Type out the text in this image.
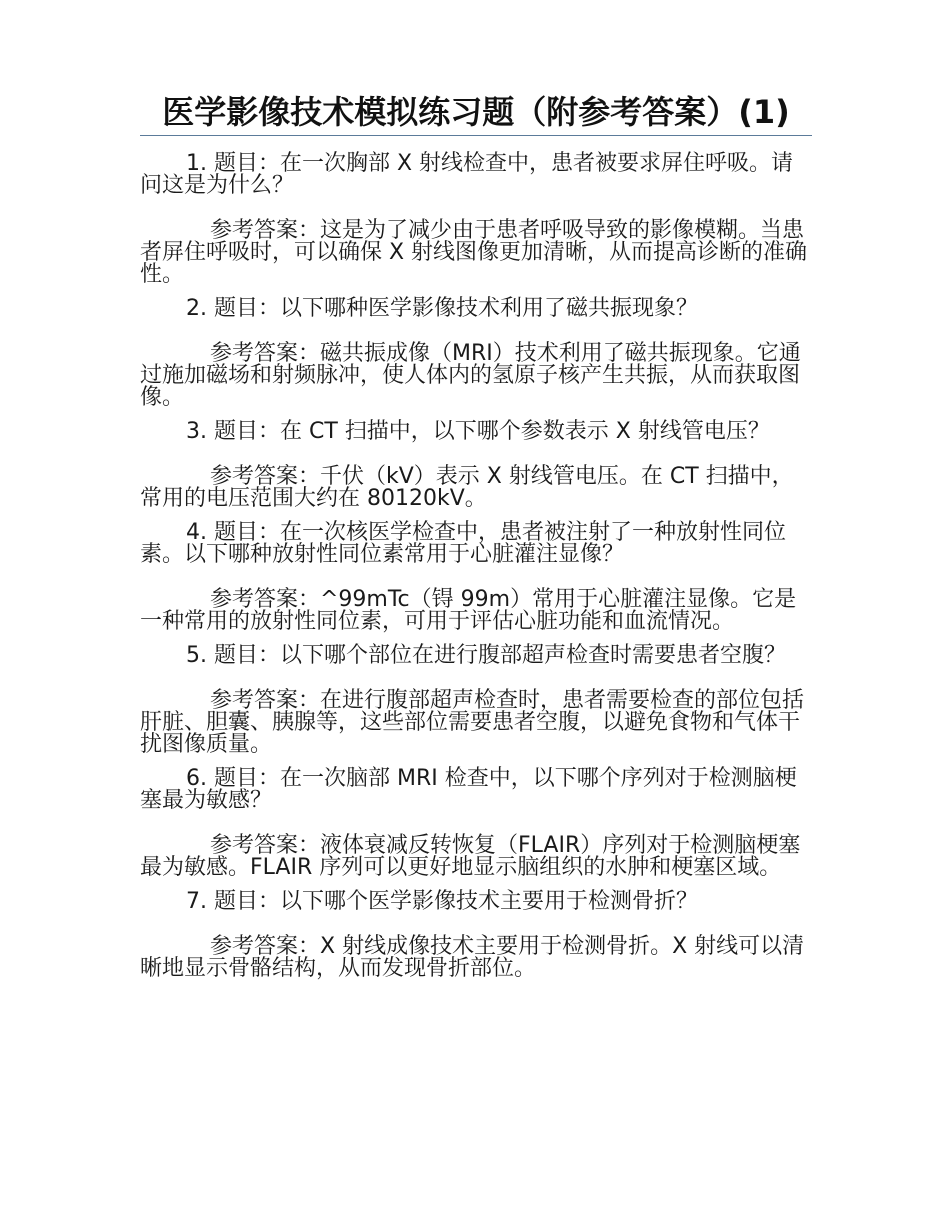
医学影像技术模拟练习题（附参考答案）(1)

1. 题目：在一次胸部 X 射线检查中，患者被要求屏住呼吸。请问这是为什么？

参考答案：这是为了减少由于患者呼吸导致的影像模糊。当患者屏住呼吸时，可以确保 X 射线图像更加清晰，从而提高诊断的准确性。

2. 题目：以下哪种医学影像技术利用了磁共振现象？

参考答案：磁共振成像（MRI）技术利用了磁共振现象。它通过施加磁场和射频脉冲，使人体内的氢原子核产生共振，从而获取图像。

3. 题目：在 CT 扫描中，以下哪个参数表示 X 射线管电压？

参考答案：千伏（kV）表示 X 射线管电压。在 CT 扫描中，常用的电压范围大约在 80120kV。

4. 题目：在一次核医学检查中，患者被注射了一种放射性同位素。以下哪种放射性同位素常用于心脏灌注显像？

参考答案：^99mTc（锝 99m）常用于心脏灌注显像。它是一种常用的放射性同位素，可用于评估心脏功能和血流情况。

5. 题目：以下哪个部位在进行腹部超声检查时需要患者空腹？

参考答案：在进行腹部超声检查时，患者需要检查的部位包括肝脏、胆囊、胰腺等，这些部位需要患者空腹，以避免食物和气体干扰图像质量。

6. 题目：在一次脑部 MRI 检查中，以下哪个序列对于检测脑梗塞最为敏感？

参考答案：液体衰减反转恢复（FLAIR）序列对于检测脑梗塞最为敏感。FLAIR 序列可以更好地显示脑组织的水肿和梗塞区域。

7. 题目：以下哪个医学影像技术主要用于检测骨折？

参考答案：X 射线成像技术主要用于检测骨折。X 射线可以清晰地显示骨骼结构，从而发现骨折部位。
